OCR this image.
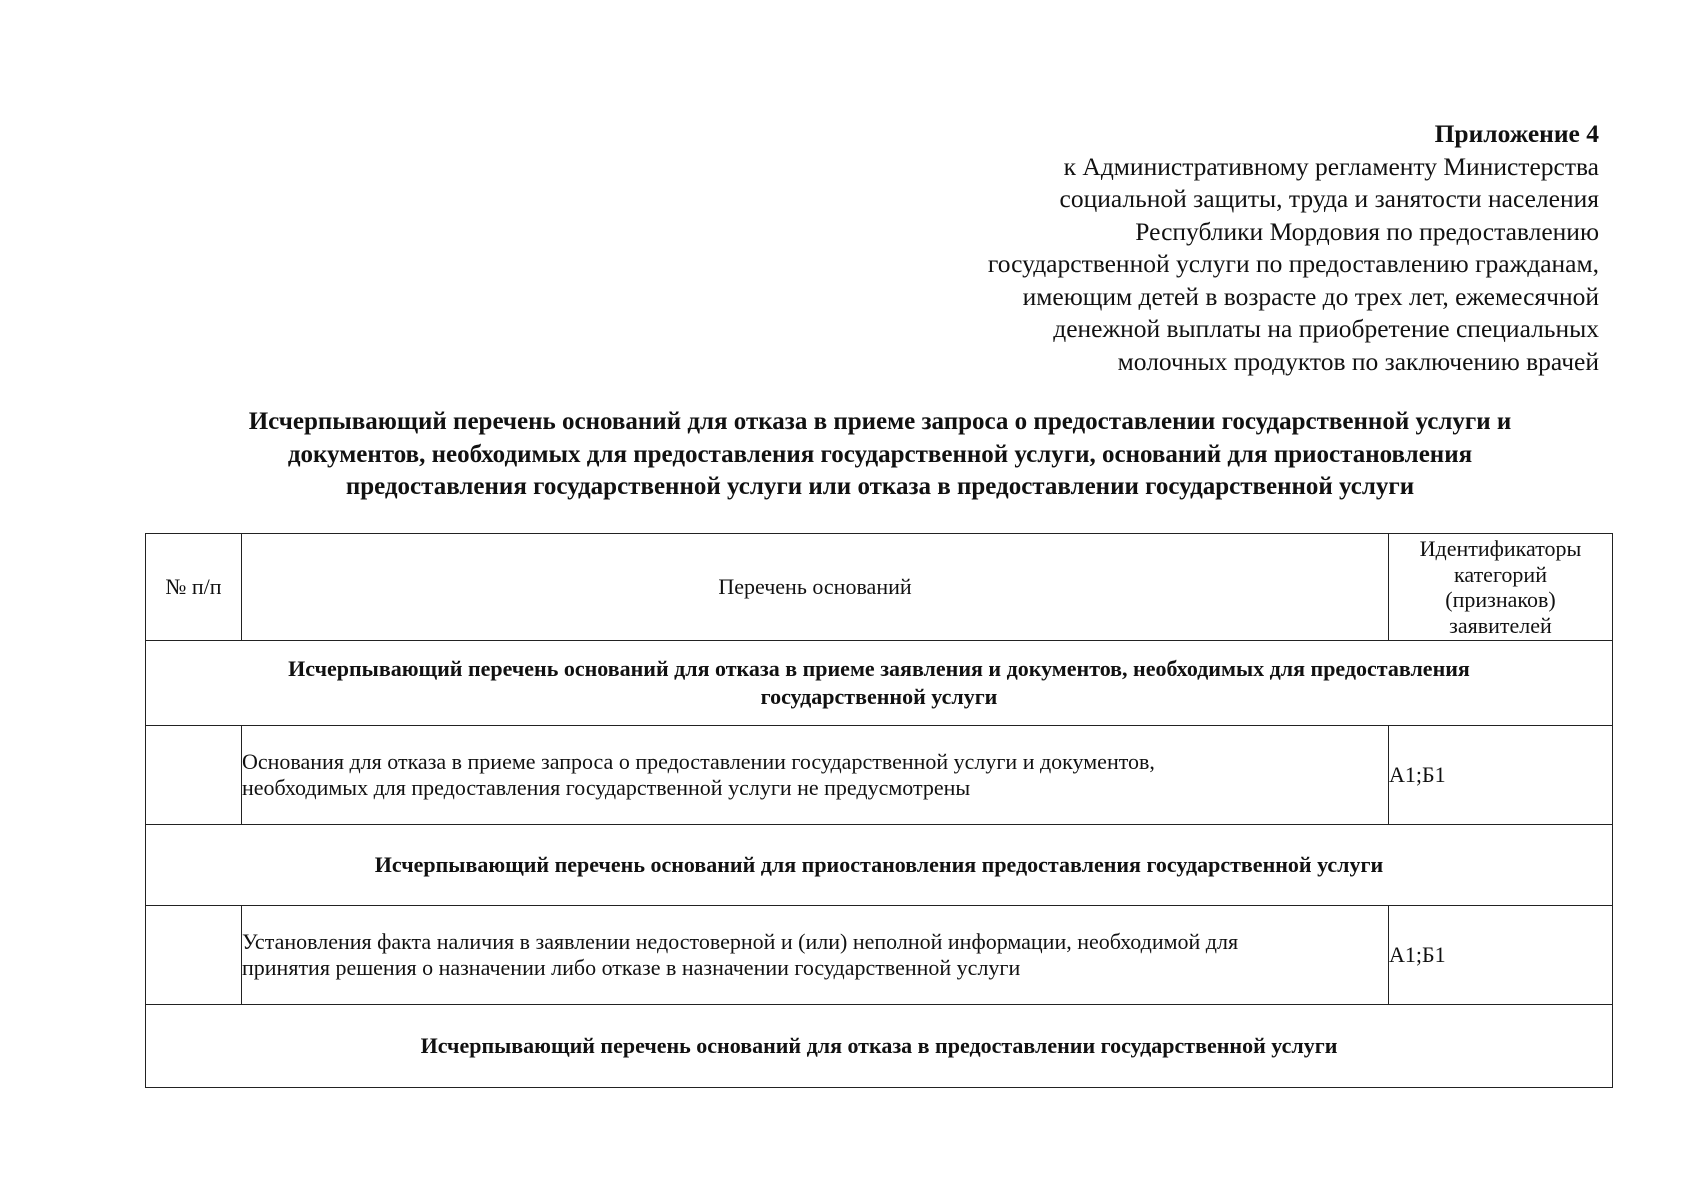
Приложение 4
к Административному регламенту Министерства
социальной защиты, труда и занятости населения
Республики Мордовия по предоставлению
государственной услуги по предоставлению гражданам,
имеющим детей в возрасте до трех лет, ежемесячной
денежной выплаты на приобретение специальных
молочных продуктов по заключению врачей
Исчерпывающий перечень оснований для отказа в приеме запроса о предоставлении государственной услуги и
документов, необходимых для предоставления государственной услуги, оснований для приостановления
предоставления государственной услуги или отказа в предоставлении государственной услуги
№ п/п	Перечень оснований	Идентификаторы
категорий
(признаков)
заявителей

Исчерпывающий перечень оснований для отказа в приеме заявления и документов, необходимых для предоставления
государственной услуги		

	Основания для отказа в приеме запроса о предоставлении государственной услуги и документов,
необходимых для предоставления государственной услуги не предусмотрены	А1;Б1

Исчерпывающий перечень оснований для приостановления предоставления государственной услуги		

	Установления факта наличия в заявлении недостоверной и (или) неполной информации, необходимой для
принятия решения о назначении либо отказе в назначении государственной услуги	А1;Б1

Исчерпывающий перечень оснований для отказа в предоставлении государственной услуги		
